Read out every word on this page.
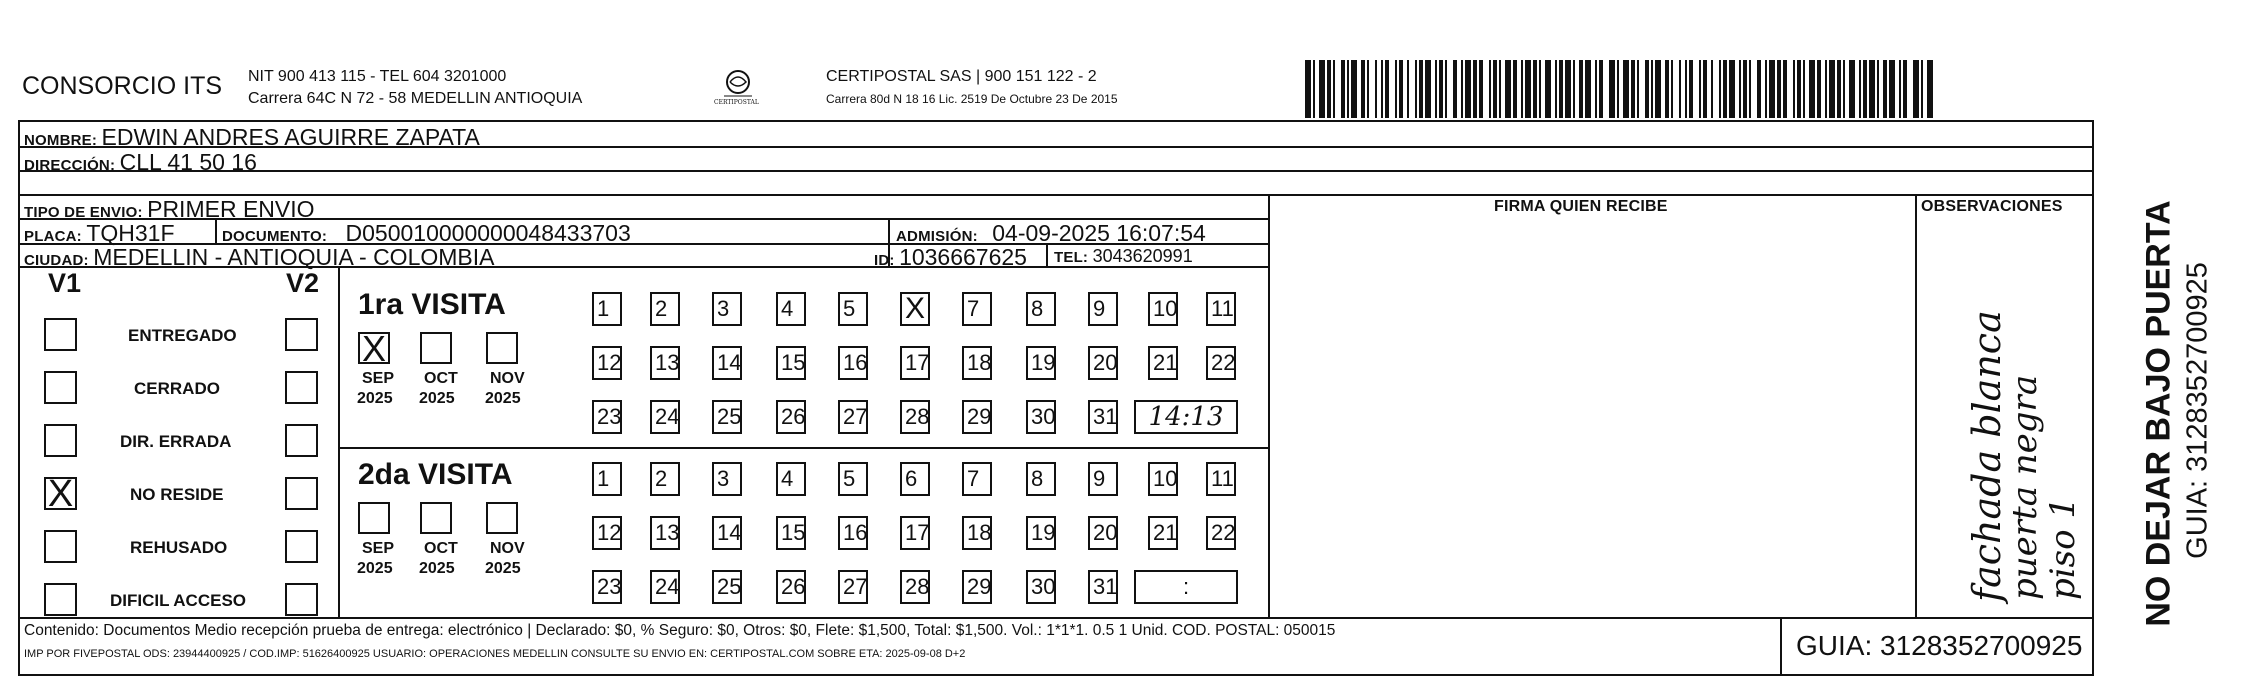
CONSORCIO ITS NIT 900 413 115 - TEL 604 3201000
Carrera 64C N 72 - 58 MEDELLIN ANTIOQUIA	CERTIPOSTAL
CERTIPOSTAL SAS | 900 151 122 - 2
Carrera 80d N 18 16 Lic. 2519 De Octubre 23 De 2015
NOMBRE: EDWIN ANDRES AGUIRRE ZAPATA
DIRECCIÓN: CLL 41 50 16
TIPO DE ENVIO: PRIMER ENVIO	FIRMA QUIEN RECIBE	OBSERVACIONES
PLACA: TQH31F	DOCUMENTO: D050010000000048433703	ADMISIÓN: 04-09-2025 16:07:54
CIUDAD: MEDELLIN - ANTIOQUIA - COLOMBIA	ID: 1036667625 TEL: 3043620991
V1	V2
ENTREGADO
CERRADO
DIR. ERRADA
X	NO RESIDE
REHUSADO
DIFICIL ACCESO
1ra VISITA
2da VISITA
X
SEP
2025
OCT
2025
NOV
2025
1	2	3	4	5	X 7	8	9	10 11
12 13 14 15 16 17 18 19 20 21 22
23 24 25 26 27 28 29 30 31	14:13
SEP
2025
OCT
2025
NOV
2025
1	2	3	4	5	6	7	8	9	10 11
12 13 14 15 16 17 18 19 20 21 22
23 24 25 26 27 28 29 30 31	:	fachada blanca
puerta negra
piso 1
Contenido: Documentos Medio recepción prueba de entrega: electrónico | Declarado: $0, % Seguro: $0, Otros: $0, Flete: $1,500, Total: $1,500. Vol.: 1*1*1. 0.5 1 Unid. COD. POSTAL: 050015
IMP POR FIVEPOSTAL ODS: 23944400925 / COD.IMP: 51626400925 USUARIO: OPERACIONES MEDELLIN CONSULTE SU ENVIO EN: CERTIPOSTAL.COM SOBRE ETA: 2025-09-08 D+2	GUIA: 3128352700925
NO DEJAR BAJO PUERTA GUIA: 3128352700925
